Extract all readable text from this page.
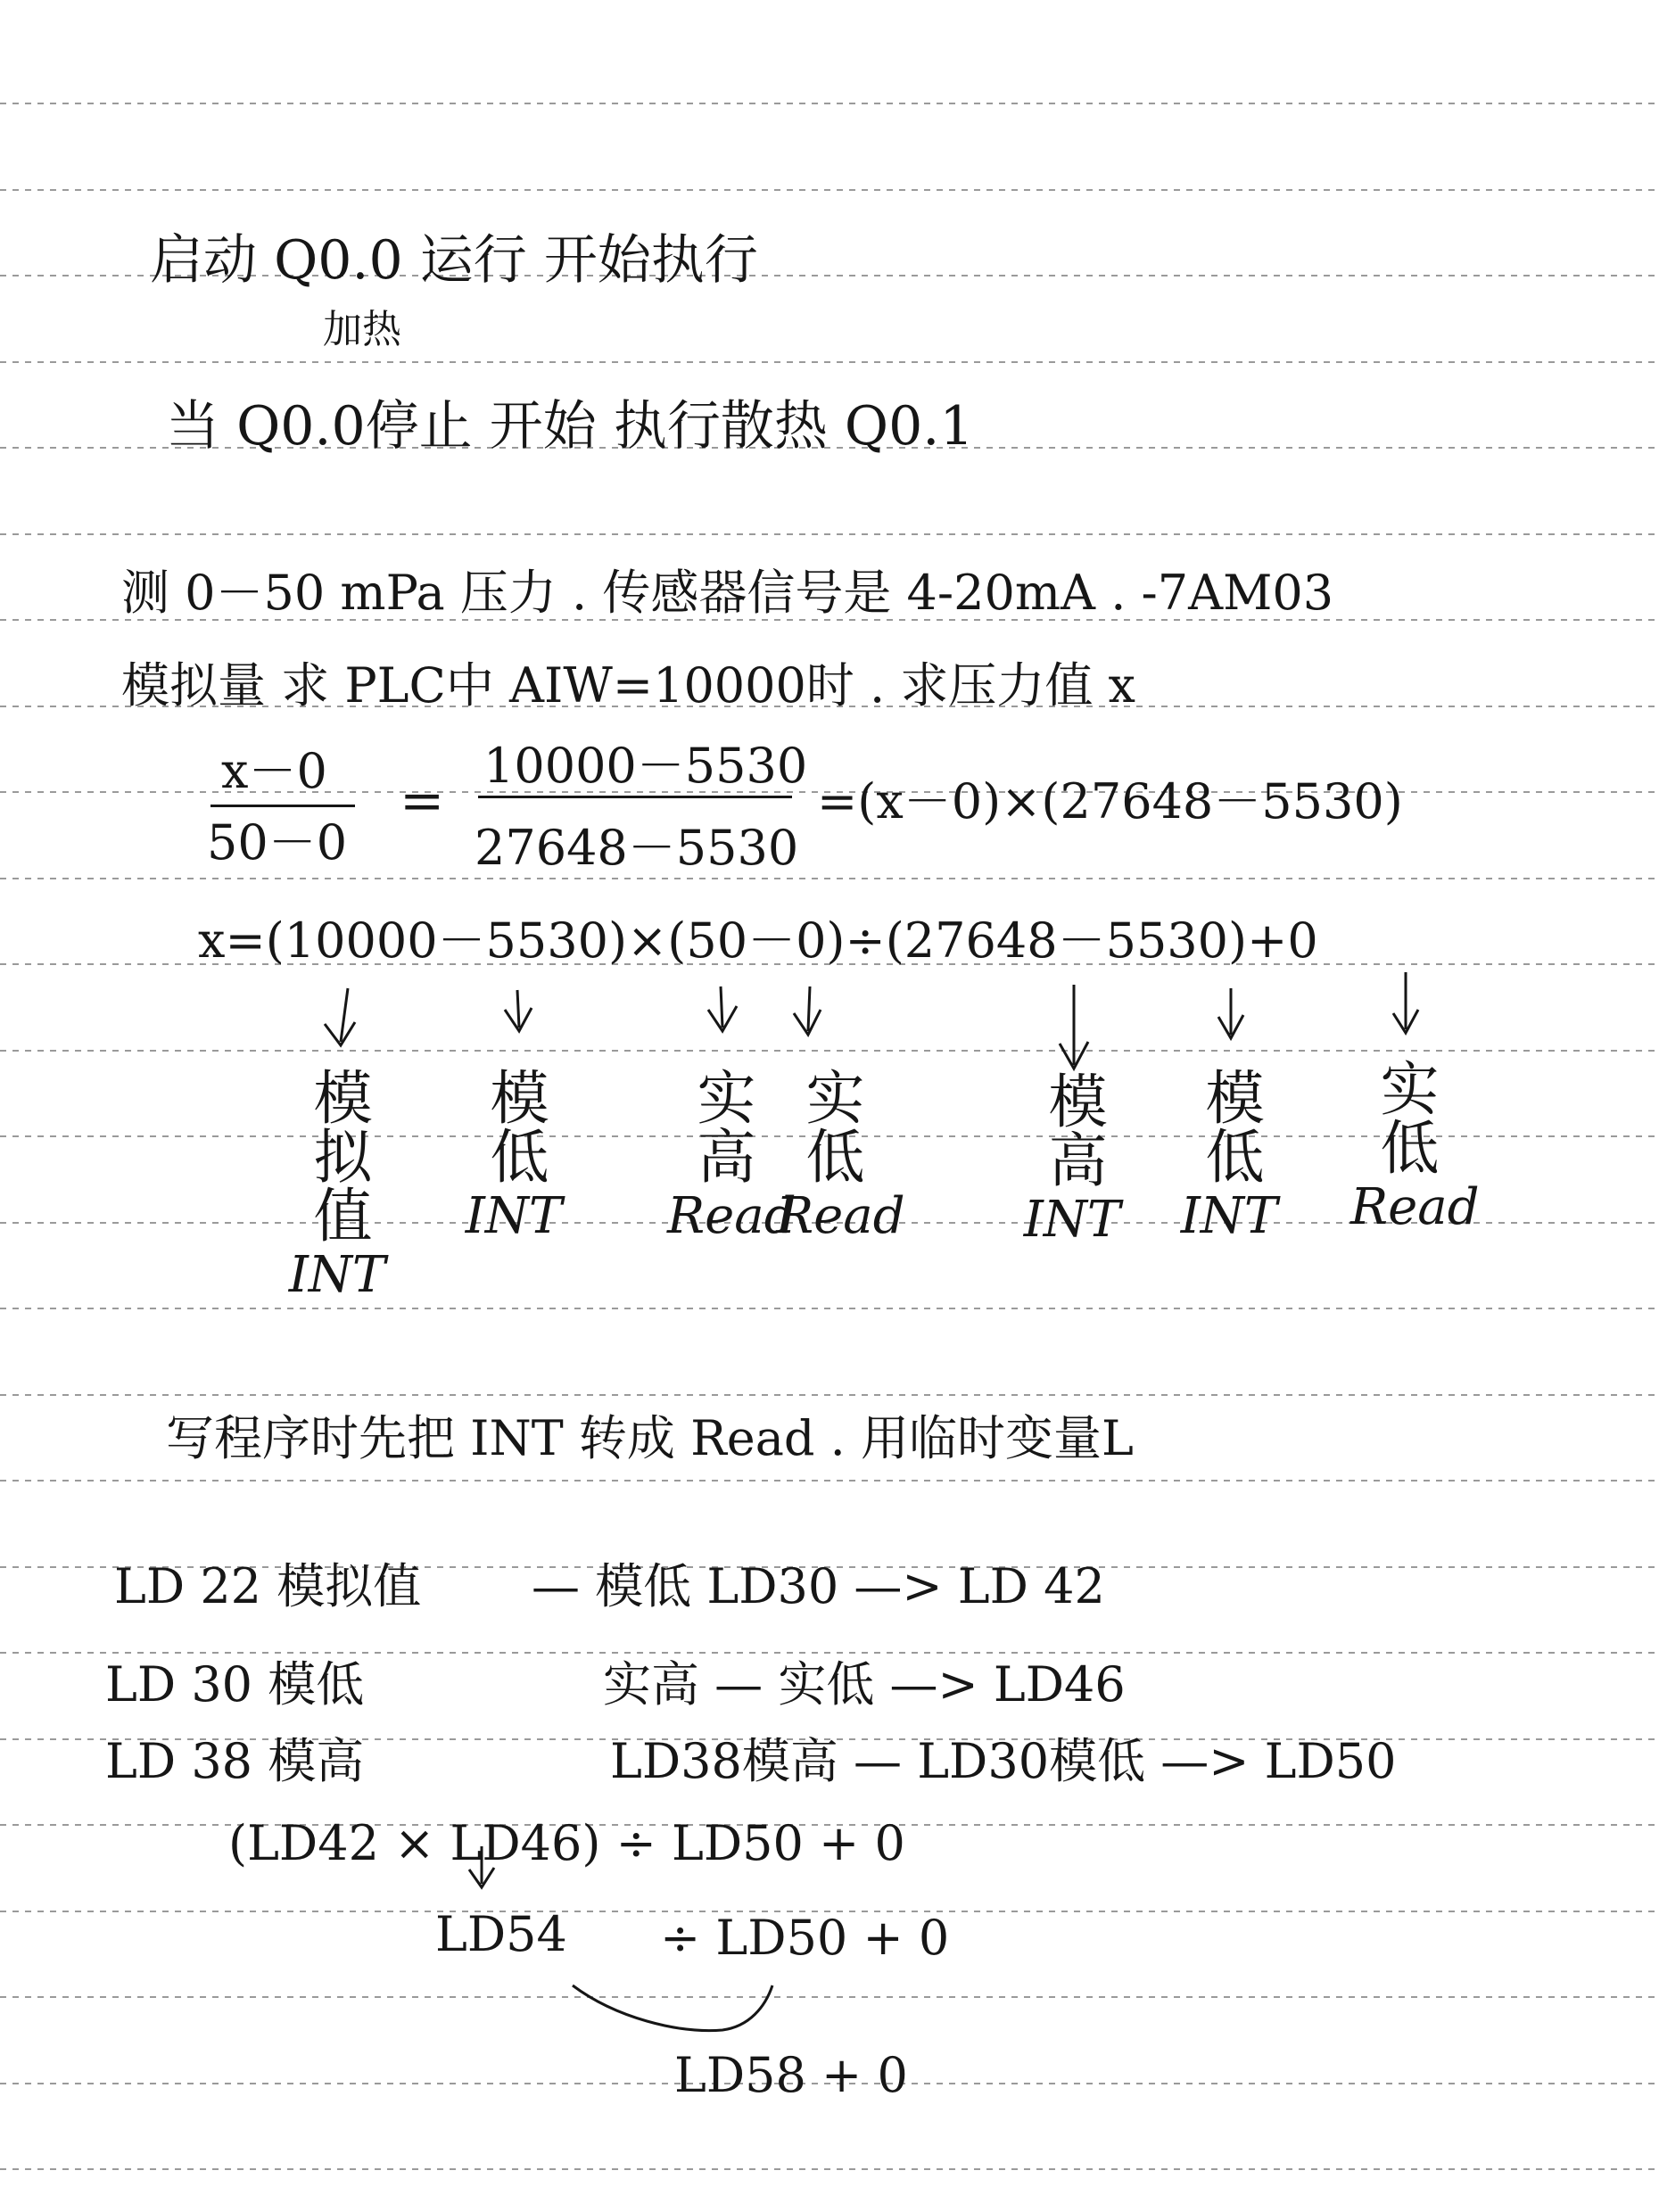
启动 Q0.0 运行 开始执行
加热
当 Q0.0停止 开始 执行散热 Q0.1
测 0－50 mPa 压力 . 传感器信号是 4-20mA . -7AM03
模拟量 求 PLC中 AIW=10000时 . 求压力值 x
x－0
50－0
=
10000－5530
27648－5530
=(x－0)×(27648－5530)
x=(10000－5530)×(50－0)÷(27648－5530)+0
模拟值
INT
模低
INT
实高
Read
实低
Read
模高
INT
模低
INT
实低
Read
写程序时先把 INT 转成 Read . 用临时变量L
LD 22 模拟值 — 模低 LD30 —> LD 42
LD 30 模低	实高 — 实低 —> LD46
LD 38 模高	LD38模高 — LD30模低 —> LD50
(LD42 × LD46) ÷ LD50 + 0
LD54 ÷ LD50 + 0
LD58 + 0
